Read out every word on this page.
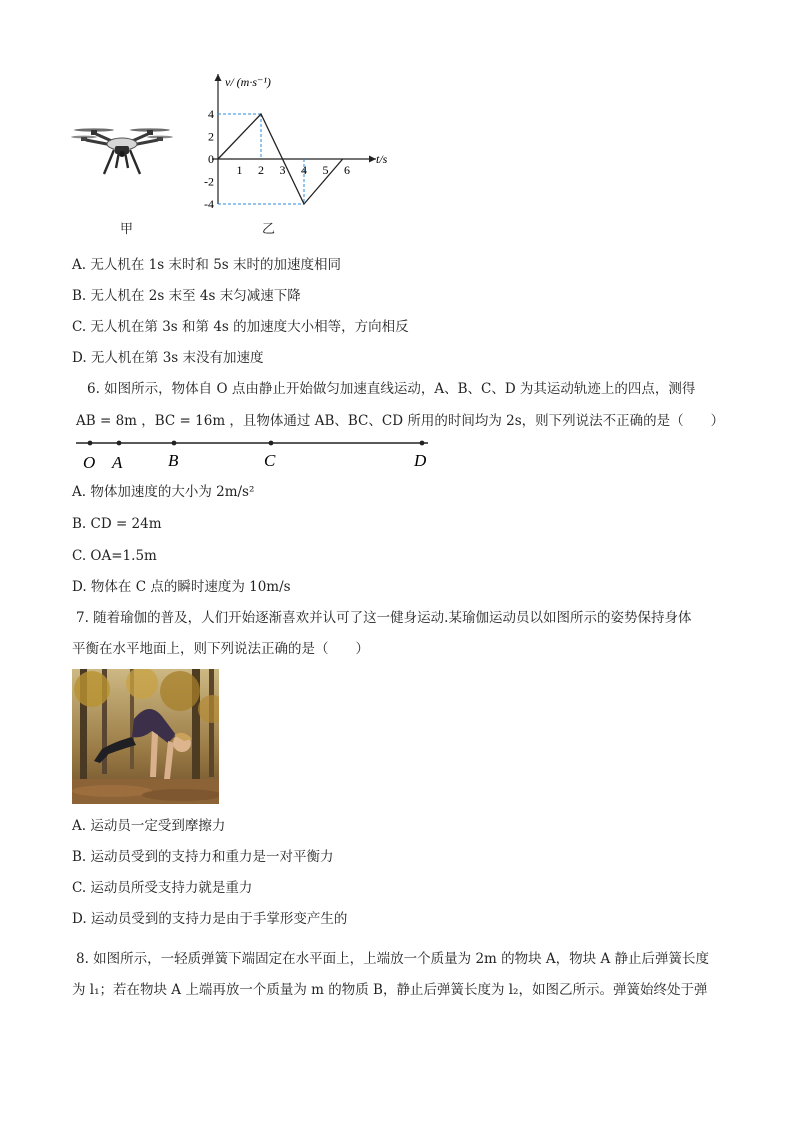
甲
4
2
0
-2
-4
1 2 3 4 5 6
v/ (m·s⁻¹)
t/s
乙
A. 无人机在 1s 末时和 5s 末时的加速度相同
B. 无人机在 2s 末至 4s 末匀减速下降
C. 无人机在第 3s 和第 4s 的加速度大小相等，方向相反
D. 无人机在第 3s 末没有加速度
6. 如图所示，物体自 O 点由静止开始做匀加速直线运动，A、B、C、D 为其运动轨迹上的四点，测得
AB = 8m ，BC = 16m ，且物体通过 AB、BC、CD 所用的时间均为 2s，则下列说法不正确的是（　　）
O A	B	C	D
A. 物体加速度的大小为 2m/s²
B. CD = 24m
C. OA=1.5m
D. 物体在 C 点的瞬时速度为 10m/s
7. 随着瑜伽的普及，人们开始逐渐喜欢并认可了这一健身运动.某瑜伽运动员以如图所示的姿势保持身体
平衡在水平地面上，则下列说法正确的是（　　）
A. 运动员一定受到摩擦力
B. 运动员受到的支持力和重力是一对平衡力
C. 运动员所受支持力就是重力
D. 运动员受到的支持力是由于手掌形变产生的
8. 如图所示，一轻质弹簧下端固定在水平面上，上端放一个质量为 2m 的物块 A，物块 A 静止后弹簧长度
为 l₁；若在物块 A 上端再放一个质量为 m 的物质 B，静止后弹簧长度为 l₂，如图乙所示。弹簧始终处于弹
